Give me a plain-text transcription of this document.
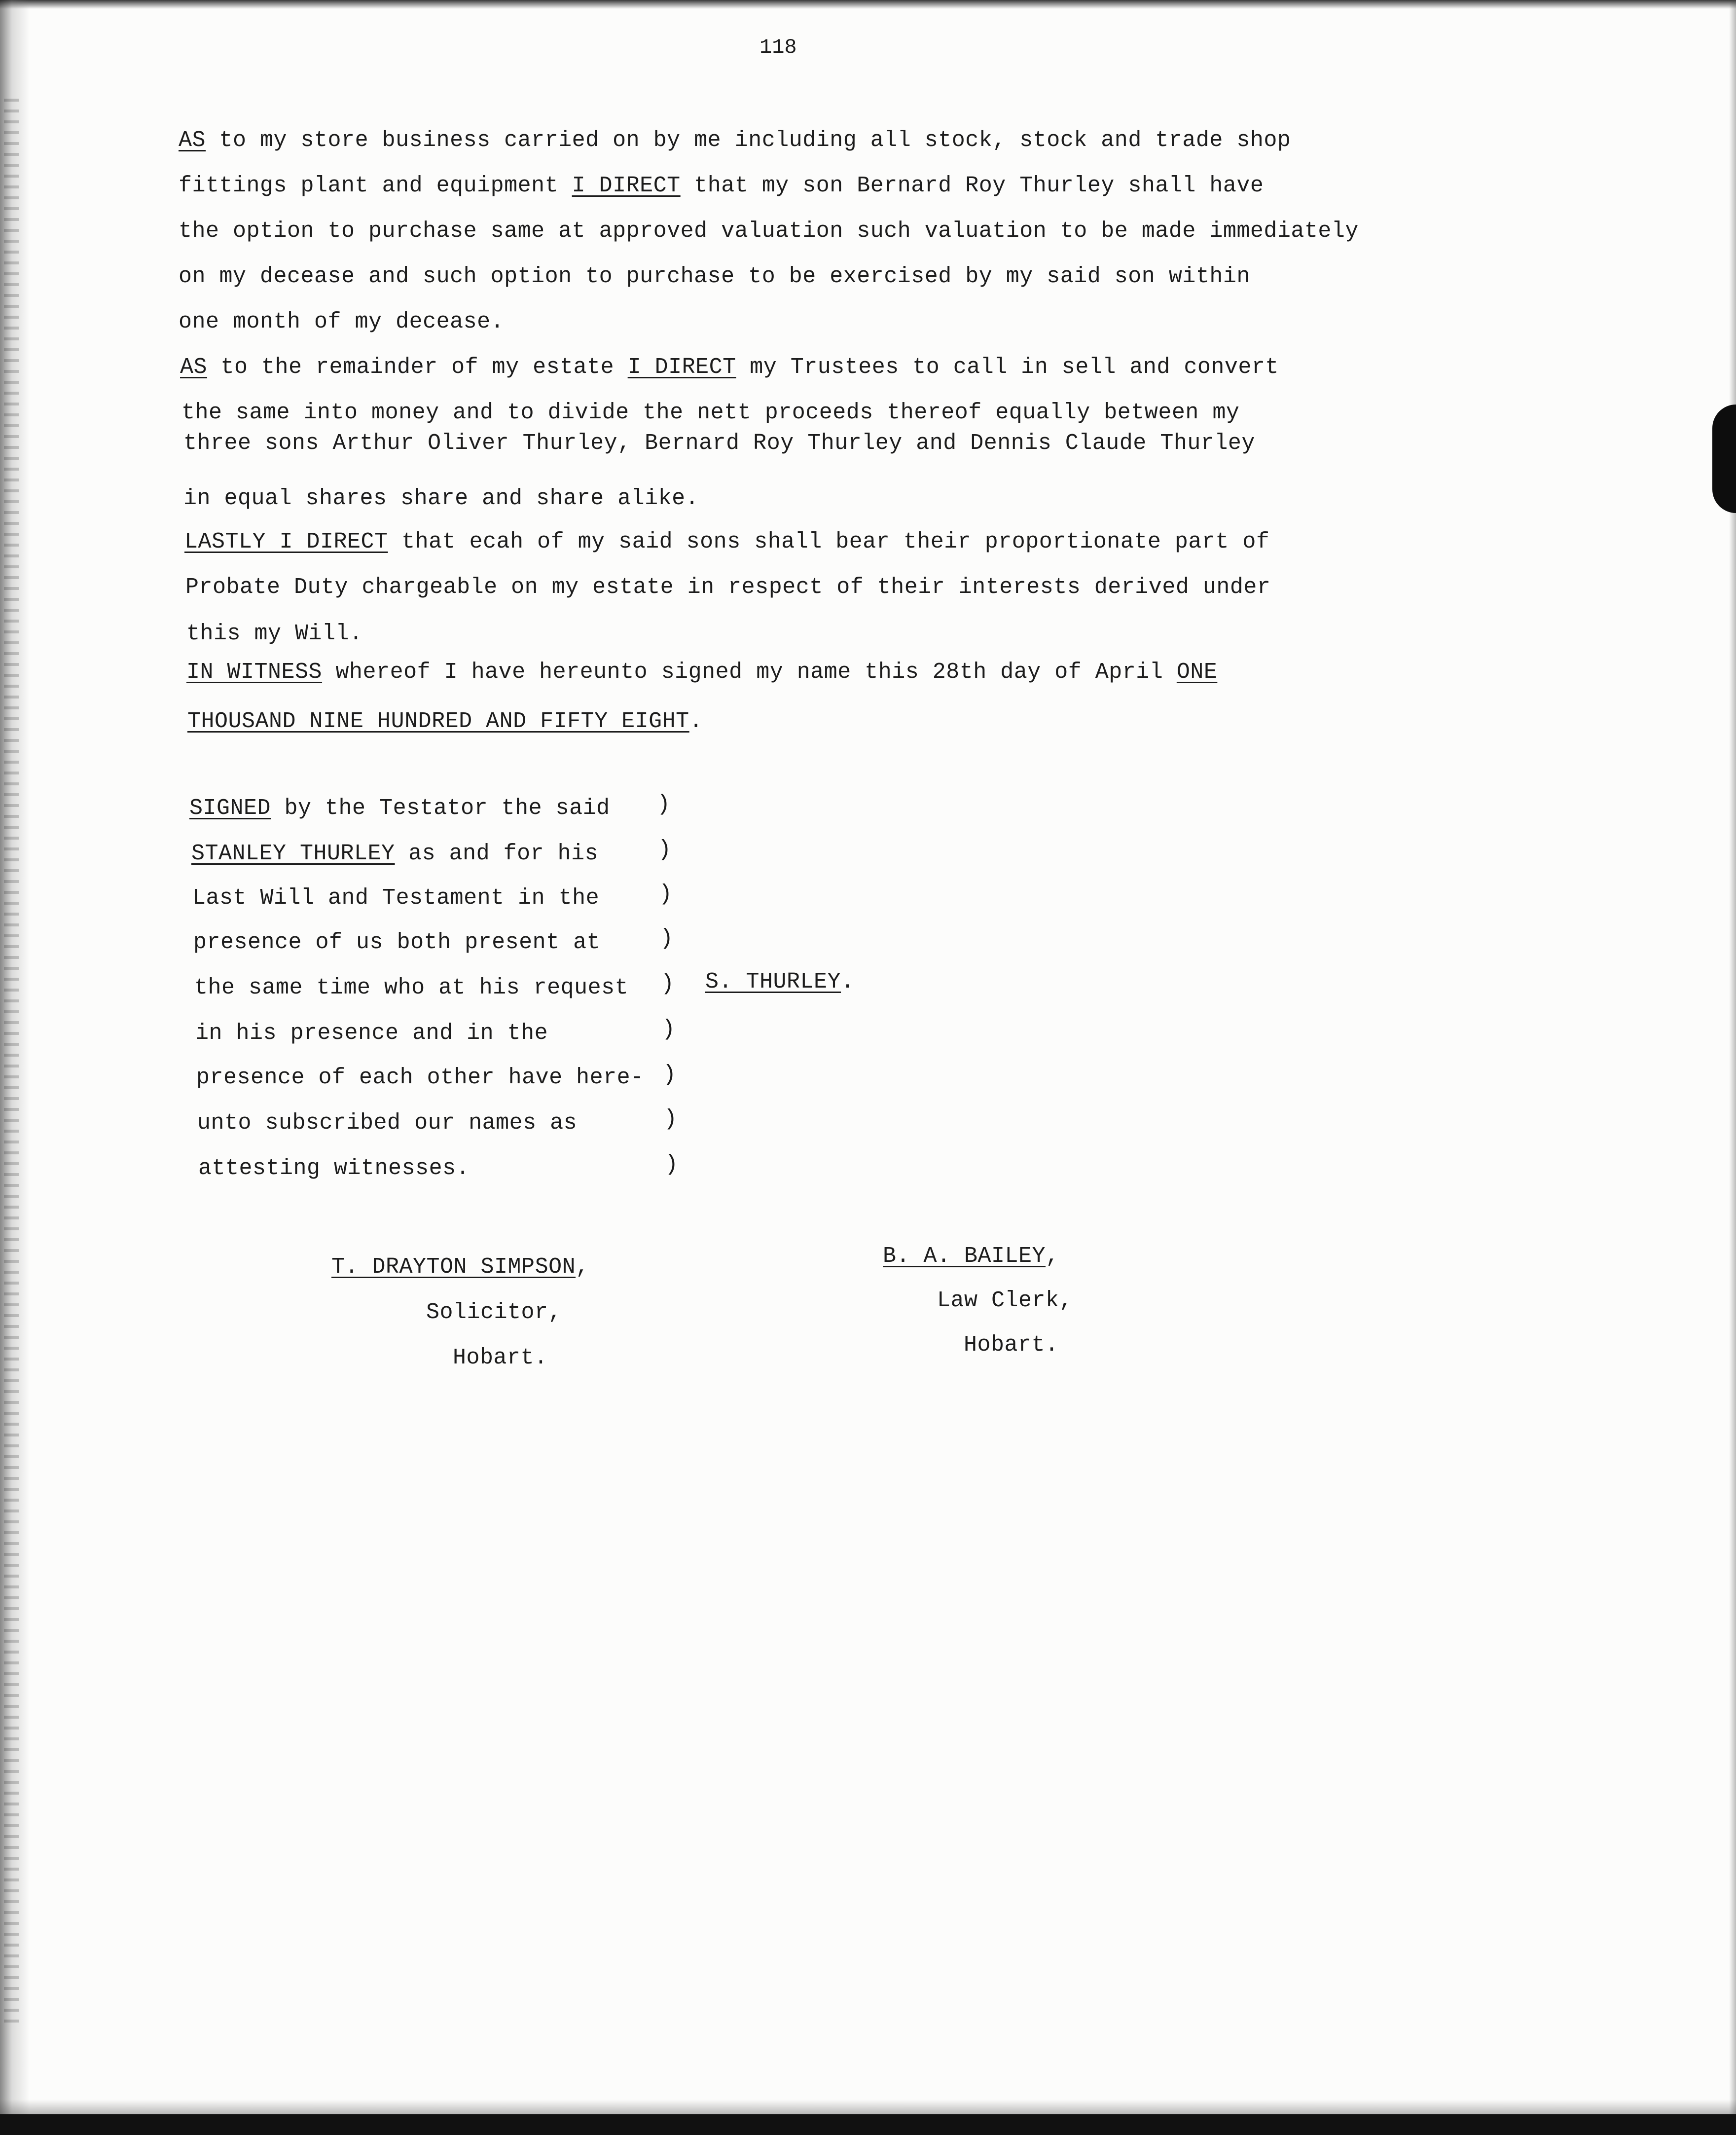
118
AS to my store business carried on by me including all stock, stock and trade shop
fittings plant and equipment I DIRECT that my son Bernard Roy Thurley shall have
the option to purchase same at approved valuation such valuation to be made immediately
on my decease and such option to purchase to be exercised by my said son within
one month of my decease.
AS to the remainder of my estate I DIRECT my Trustees to call in sell and convert
the same into money and to divide the nett proceeds thereof equally between my
three sons Arthur Oliver Thurley, Bernard Roy Thurley and Dennis Claude Thurley
in equal shares share and share alike.
LASTLY I DIRECT that ecah of my said sons shall bear their proportionate part of
Probate Duty chargeable on my estate in respect of their interests derived under
this my Will.
IN WITNESS whereof I have hereunto signed my name this 28th day of April ONE
THOUSAND NINE HUNDRED AND FIFTY EIGHT.
SIGNED by the Testator the said
STANLEY THURLEY as and for his
Last Will and Testament in the
presence of us both present at
the same time who at his request
in his presence and in the
presence of each other have here-
unto subscribed our names as
attesting witnesses.
)
)
)
)
)
)
)
)
)
S. THURLEY.
T. DRAYTON SIMPSON,
Solicitor,
Hobart.
B. A. BAILEY,
Law Clerk,
Hobart.
